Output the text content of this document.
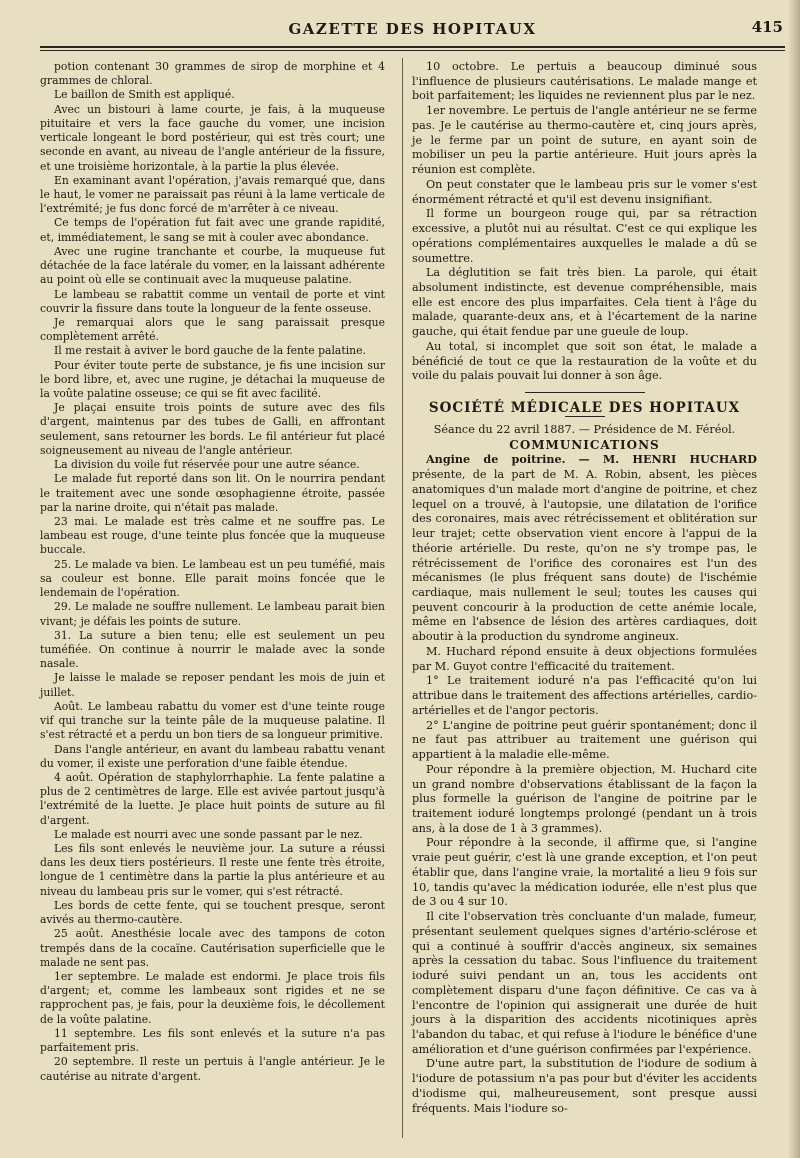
GAZETTE DES HOPITAUX	415

potion contenant 30 grammes de sirop de morphine et 4 grammes de chloral.

Le baillon de Smith est appliqué.

Avec un bistouri à lame courte, je fais, à la muqueuse pituitaire et vers la face gauche du vomer, une incision verticale longeant le bord postérieur, qui est très court; une seconde en avant, au niveau de l'angle antérieur de la fissure, et une troisième horizontale, à la partie la plus élevée.

En examinant avant l'opération, j'avais remarqué que, dans le haut, le vomer ne paraissait pas réuni à la lame verticale de l'extrémité; je fus donc forcé de m'arrêter à ce niveau.

Ce temps de l'opération fut fait avec une grande rapidité, et, immédiatement, le sang se mit à couler avec abondance.

Avec une rugine tranchante et courbe, la muqueuse fut détachée de la face latérale du vomer, en la laissant adhérente au point où elle se continuait avec la muqueuse palatine.

Le lambeau se rabattit comme un ventail de porte et vint couvrir la fissure dans toute la longueur de la fente osseuse.

Je remarquai alors que le sang paraissait presque complètement arrêté.

Il me restait à aviver le bord gauche de la fente palatine.

Pour éviter toute perte de substance, je fis une incision sur le bord libre, et, avec une rugine, je détachai la muqueuse de la voûte palatine osseuse; ce qui se fit avec facilité.

Je plaçai ensuite trois points de suture avec des fils d'argent, maintenus par des tubes de Galli, en affrontant seulement, sans retourner les bords. Le fil antérieur fut placé soigneusement au niveau de l'angle antérieur.

La division du voile fut réservée pour une autre séance.

Le malade fut reporté dans son lit. On le nourrira pendant le traitement avec une sonde œsophagienne étroite, passée par la narine droite, qui n'était pas malade.

23 mai. Le malade est très calme et ne souffre pas. Le lambeau est rouge, d'une teinte plus foncée que la muqueuse buccale.

25. Le malade va bien. Le lambeau est un peu tuméfié, mais sa couleur est bonne. Elle parait moins foncée que le lendemain de l'opération.

29. Le malade ne souffre nullement. Le lambeau parait bien vivant; je défais les points de suture.

31. La suture a bien tenu; elle est seulement un peu tuméfiée. On continue à nourrir le malade avec la sonde nasale.

Je laisse le malade se reposer pendant les mois de juin et juillet.

Août. Le lambeau rabattu du vomer est d'une teinte rouge vif qui tranche sur la teinte pâle de la muqueuse palatine. Il s'est rétracté et a perdu un bon tiers de sa longueur primitive.

Dans l'angle antérieur, en avant du lambeau rabattu venant du vomer, il existe une perforation d'une faible étendue.

4 août. Opération de staphylorrhaphie. La fente palatine a plus de 2 centimètres de large. Elle est avivée partout jusqu'à l'extrémité de la luette. Je place huit points de suture au fil d'argent.

Le malade est nourri avec une sonde passant par le nez.

Les fils sont enlevés le neuvième jour. La suture a réussi dans les deux tiers postérieurs. Il reste une fente très étroite, longue de 1 centimètre dans la partie la plus antérieure et au niveau du lambeau pris sur le vomer, qui s'est rétracté.

Les bords de cette fente, qui se touchent presque, seront avivés au thermo-cautère.

25 août. Anesthésie locale avec des tampons de coton trempés dans de la cocaïne. Cautérisation superficielle que le malade ne sent pas.

1er septembre. Le malade est endormi. Je place trois fils d'argent; et, comme les lambeaux sont rigides et ne se rapprochent pas, je fais, pour la deuxième fois, le décollement de la voûte palatine.

11 septembre. Les fils sont enlevés et la suture n'a pas parfaitement pris.

20 septembre. Il reste un pertuis à l'angle antérieur. Je le cautérise au nitrate d'argent.

10 octobre. Le pertuis a beaucoup diminué sous l'influence de plusieurs cautérisations. Le malade mange et boit parfaitement; les liquides ne reviennent plus par le nez.

1er novembre. Le pertuis de l'angle antérieur ne se ferme pas. Je le cautérise au thermo-cautère et, cinq jours après, je le ferme par un point de suture, en ayant soin de mobiliser un peu la partie antérieure. Huit jours après la réunion est complète.

On peut constater que le lambeau pris sur le vomer s'est énormément rétracté et qu'il est devenu insignifiant.

Il forme un bourgeon rouge qui, par sa rétraction excessive, a plutôt nui au résultat. C'est ce qui explique les opérations complémentaires auxquelles le malade a dû se soumettre.

La déglutition se fait très bien. La parole, qui était absolument indistincte, est devenue compréhensible, mais elle est encore des plus imparfaites. Cela tient à l'âge du malade, quarante-deux ans, et à l'écartement de la narine gauche, qui était fendue par une gueule de loup.

Au total, si incomplet que soit son état, le malade a bénéficié de tout ce que la restauration de la voûte et du voile du palais pouvait lui donner à son âge.

SOCIÉTÉ MÉDICALE DES HOPITAUX

Séance du 22 avril 1887. — Présidence de M. Féréol.

COMMUNICATIONS

Angine de poitrine. — M. HENRI HUCHARD présente, de la part de M. A. Robin, absent, les pièces anatomiques d'un malade mort d'angine de poitrine, et chez lequel on a trouvé, à l'autopsie, une dilatation de l'orifice des coronaires, mais avec rétrécissement et oblitération sur leur trajet; cette observation vient encore à l'appui de la théorie artérielle. Du reste, qu'on ne s'y trompe pas, le rétrécissement de l'orifice des coronaires est l'un des mécanismes (le plus fréquent sans doute) de l'ischémie cardiaque, mais nullement le seul; toutes les causes qui peuvent concourir à la production de cette anémie locale, même en l'absence de lésion des artères cardiaques, doit aboutir à la production du syndrome angineux.

M. Huchard répond ensuite à deux objections formulées par M. Guyot contre l'efficacité du traitement.

1° Le traitement ioduré n'a pas l'efficacité qu'on lui attribue dans le traitement des affections artérielles, cardio-artérielles et de l'angor pectoris.

2° L'angine de poitrine peut guérir spontanément; donc il ne faut pas attribuer au traitement une guérison qui appartient à la maladie elle-même.

Pour répondre à la première objection, M. Huchard cite un grand nombre d'observations établissant de la façon la plus formelle la guérison de l'angine de poitrine par le traitement ioduré longtemps prolongé (pendant un à trois ans, à la dose de 1 à 3 grammes).

Pour répondre à la seconde, il affirme que, si l'angine vraie peut guérir, c'est là une grande exception, et l'on peut établir que, dans l'angine vraie, la mortalité a lieu 9 fois sur 10, tandis qu'avec la médication iodurée, elle n'est plus que de 3 ou 4 sur 10.

Il cite l'observation très concluante d'un malade, fumeur, présentant seulement quelques signes d'artério-sclérose et qui a continué à souffrir d'accès angineux, six semaines après la cessation du tabac. Sous l'influence du traitement ioduré suivi pendant un an, tous les accidents ont complètement disparu d'une façon définitive. Ce cas va à l'encontre de l'opinion qui assignerait une durée de huit jours à la disparition des accidents nicotiniques après l'abandon du tabac, et qui refuse à l'iodure le bénéfice d'une amélioration et d'une guérison confirmées par l'expérience.

D'une autre part, la substitution de l'iodure de sodium à l'iodure de potassium n'a pas pour but d'éviter les accidents d'iodisme qui, malheureusement, sont presque aussi fréquents. Mais l'iodure so-
